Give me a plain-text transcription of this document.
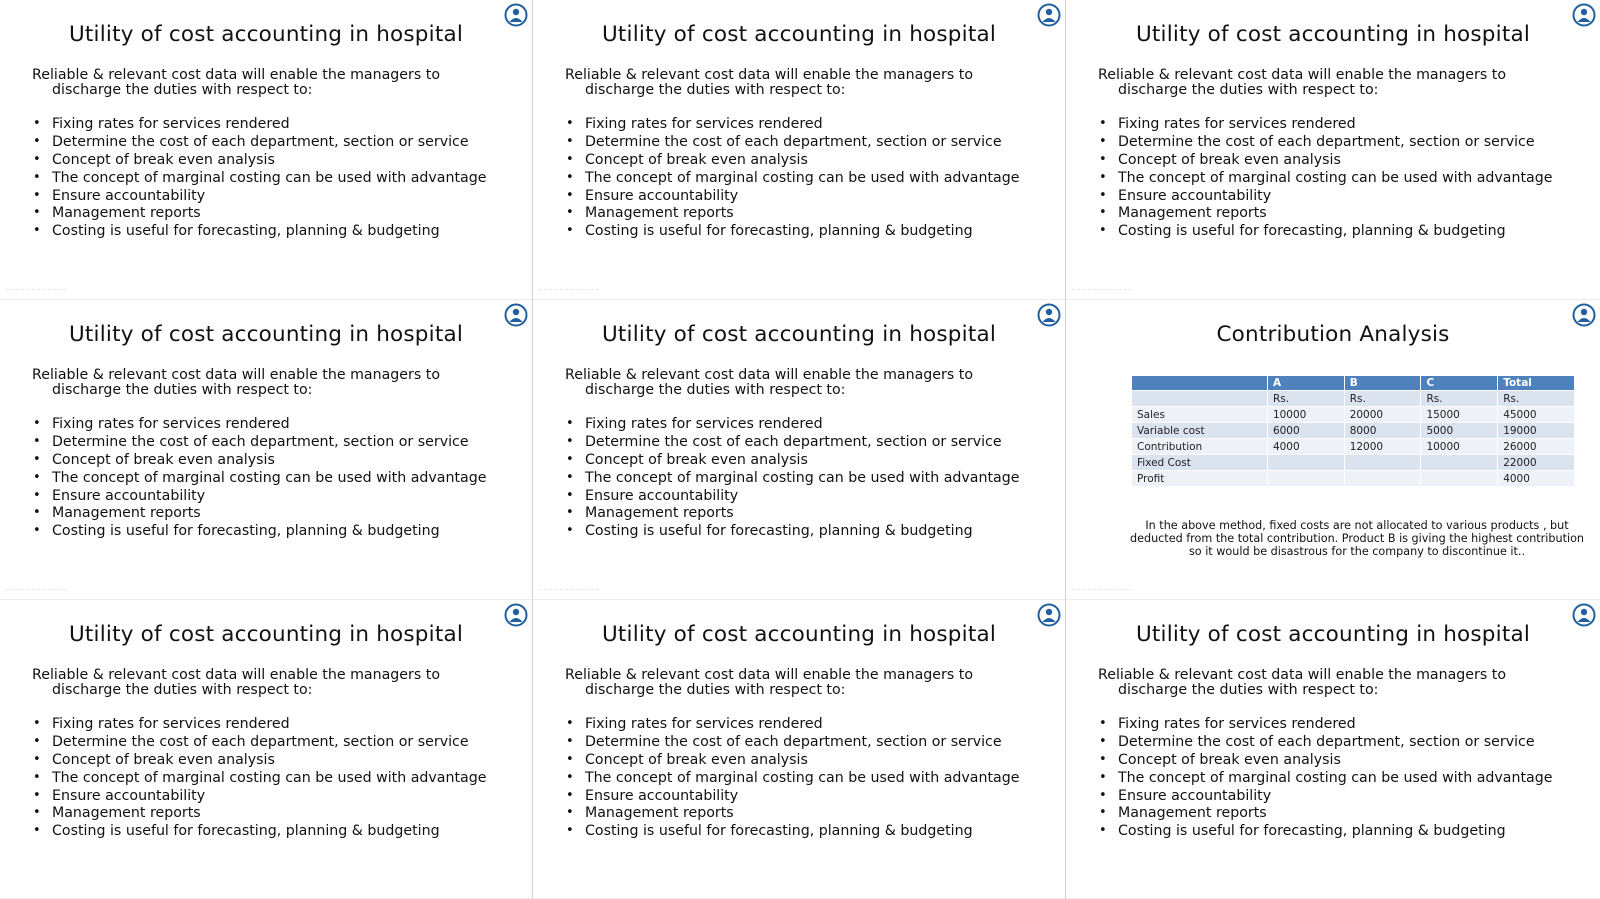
Utility of cost accounting in hospital

Reliable & relevant cost data will enable the managers to
discharge the duties with respect to:

• Fixing rates for services rendered
• Determine the cost of each department, section or service
• Concept of break even analysis
• The concept of marginal costing can be used with advantage
• Ensure accountability
• Management reports
• Costing is useful for forecasting, planning & budgeting
Utility of cost accounting in hospital

Reliable & relevant cost data will enable the managers to
discharge the duties with respect to:

• Fixing rates for services rendered
• Determine the cost of each department, section or service
• Concept of break even analysis
• The concept of marginal costing can be used with advantage
• Ensure accountability
• Management reports
• Costing is useful for forecasting, planning & budgeting
Utility of cost accounting in hospital

Reliable & relevant cost data will enable the managers to
discharge the duties with respect to:

• Fixing rates for services rendered
• Determine the cost of each department, section or service
• Concept of break even analysis
• The concept of marginal costing can be used with advantage
• Ensure accountability
• Management reports
• Costing is useful for forecasting, planning & budgeting
Utility of cost accounting in hospital

Reliable & relevant cost data will enable the managers to
discharge the duties with respect to:

• Fixing rates for services rendered
• Determine the cost of each department, section or service
• Concept of break even analysis
• The concept of marginal costing can be used with advantage
• Ensure accountability
• Management reports
• Costing is useful for forecasting, planning & budgeting
Utility of cost accounting in hospital

Reliable & relevant cost data will enable the managers to
discharge the duties with respect to:

• Fixing rates for services rendered
• Determine the cost of each department, section or service
• Concept of break even analysis
• The concept of marginal costing can be used with advantage
• Ensure accountability
• Management reports
• Costing is useful for forecasting, planning & budgeting
Contribution Analysis
	A	B	C	Total
	Rs.	Rs.	Rs.	Rs.
Sales	10000	20000	15000	45000
Variable cost	6000	8000	5000	19000
Contribution	4000	12000	10000	26000
Fixed Cost				22000
Profit				4000

In the above method, fixed costs are not allocated to various products , but deducted from the total contribution. Product B is giving the highest contribution so it would be disastrous for the company to discontinue it..

Utility of cost accounting in hospital

Reliable & relevant cost data will enable the managers to
discharge the duties with respect to:

• Fixing rates for services rendered
• Determine the cost of each department, section or service
• Concept of break even analysis
• The concept of marginal costing can be used with advantage
• Ensure accountability
• Management reports
• Costing is useful for forecasting, planning & budgeting
Utility of cost accounting in hospital

Reliable & relevant cost data will enable the managers to
discharge the duties with respect to:

• Fixing rates for services rendered
• Determine the cost of each department, section or service
• Concept of break even analysis
• The concept of marginal costing can be used with advantage
• Ensure accountability
• Management reports
• Costing is useful for forecasting, planning & budgeting
Utility of cost accounting in hospital

Reliable & relevant cost data will enable the managers to
discharge the duties with respect to:

• Fixing rates for services rendered
• Determine the cost of each department, section or service
• Concept of break even analysis
• The concept of marginal costing can be used with advantage
• Ensure accountability
• Management reports
• Costing is useful for forecasting, planning & budgeting
